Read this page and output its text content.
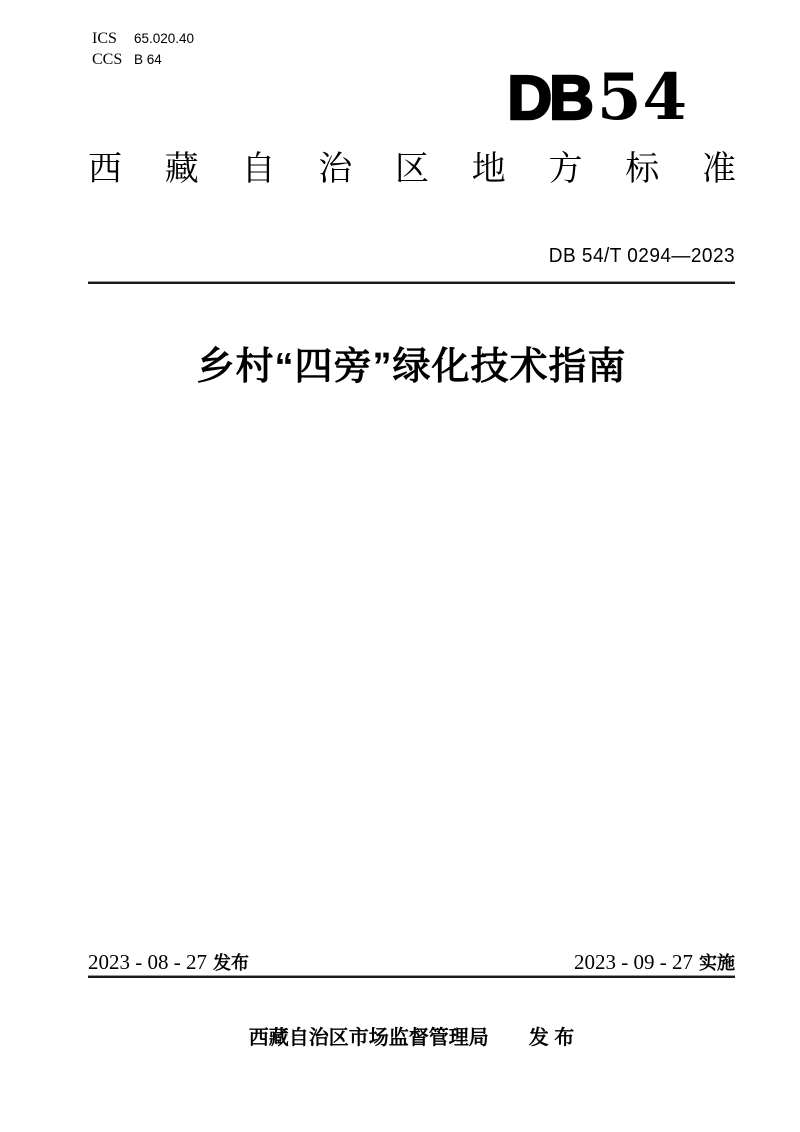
ICS	65.020.40
CCS B 64
DB 54
西 藏 自 治 区 地 方 标 准
DB 54/T 0294—2023
乡村“四旁”绿化技术指南
2023 - 08 - 27 发布	2023 - 09 - 27 实施
西藏自治区市场监督管理局 发 布
